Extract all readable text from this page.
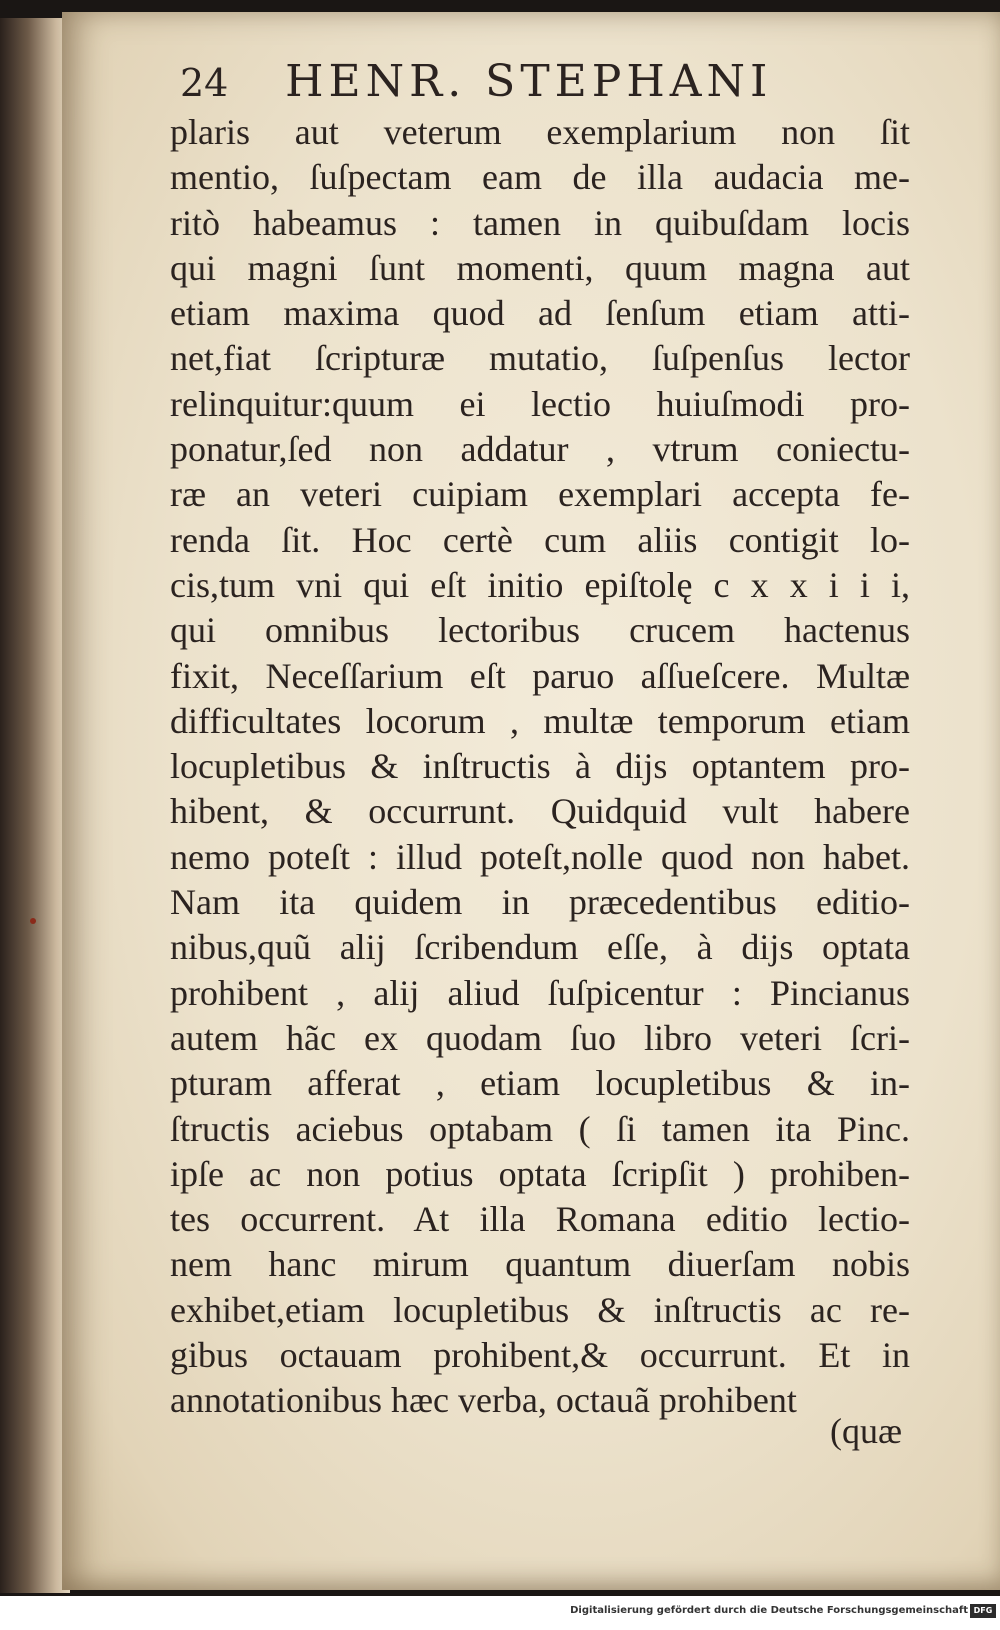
24 HENR. STEPHANI
plaris aut veterum exemplarium non ſit
mentio, ſuſpectam eam de illa audacia me-
ritò habeamus : tamen in quibuſdam locis
qui magni ſunt momenti, quum magna aut
etiam maxima quod ad ſenſum etiam atti-
net,fiat ſcripturæ mutatio, ſuſpenſus lector
relinquitur:quum ei lectio huiuſmodi pro-
ponatur,ſed non addatur , vtrum coniectu-
ræ an veteri cuipiam exemplari accepta fe-
renda ſit. Hoc certè cum aliis contigit lo-
cis,tum vni qui eſt initio epiſtolę c x x i i i,
qui omnibus lectoribus crucem hactenus
fixit, Neceſſarium eſt paruo aſſueſcere. Multæ
difficultates locorum , multæ temporum etiam
locupletibus & inſtructis à dijs optantem pro-
hibent, & occurrunt. Quidquid vult habere
nemo poteſt : illud poteſt,nolle quod non habet.
Nam ita quidem in præcedentibus editio-
nibus,quũ alij ſcribendum eſſe, à dijs optata
prohibent , alij aliud ſuſpicentur : Pincianus
autem hãc ex quodam ſuo libro veteri ſcri-
pturam afferat , etiam locupletibus & in-
ſtructis aciebus optabam ( ſi tamen ita Pinc.
ipſe ac non potius optata ſcripſit ) prohiben-
tes occurrent. At illa Romana editio lectio-
nem hanc mirum quantum diuerſam nobis
exhibet,etiam locupletibus & inſtructis ac re-
gibus octauam prohibent,& occurrunt. Et in
annotationibus hæc verba, octauã prohibent
(quæ
Digitalisierung gefördert durch die Deutsche Forschungsgemeinschaft DFG
